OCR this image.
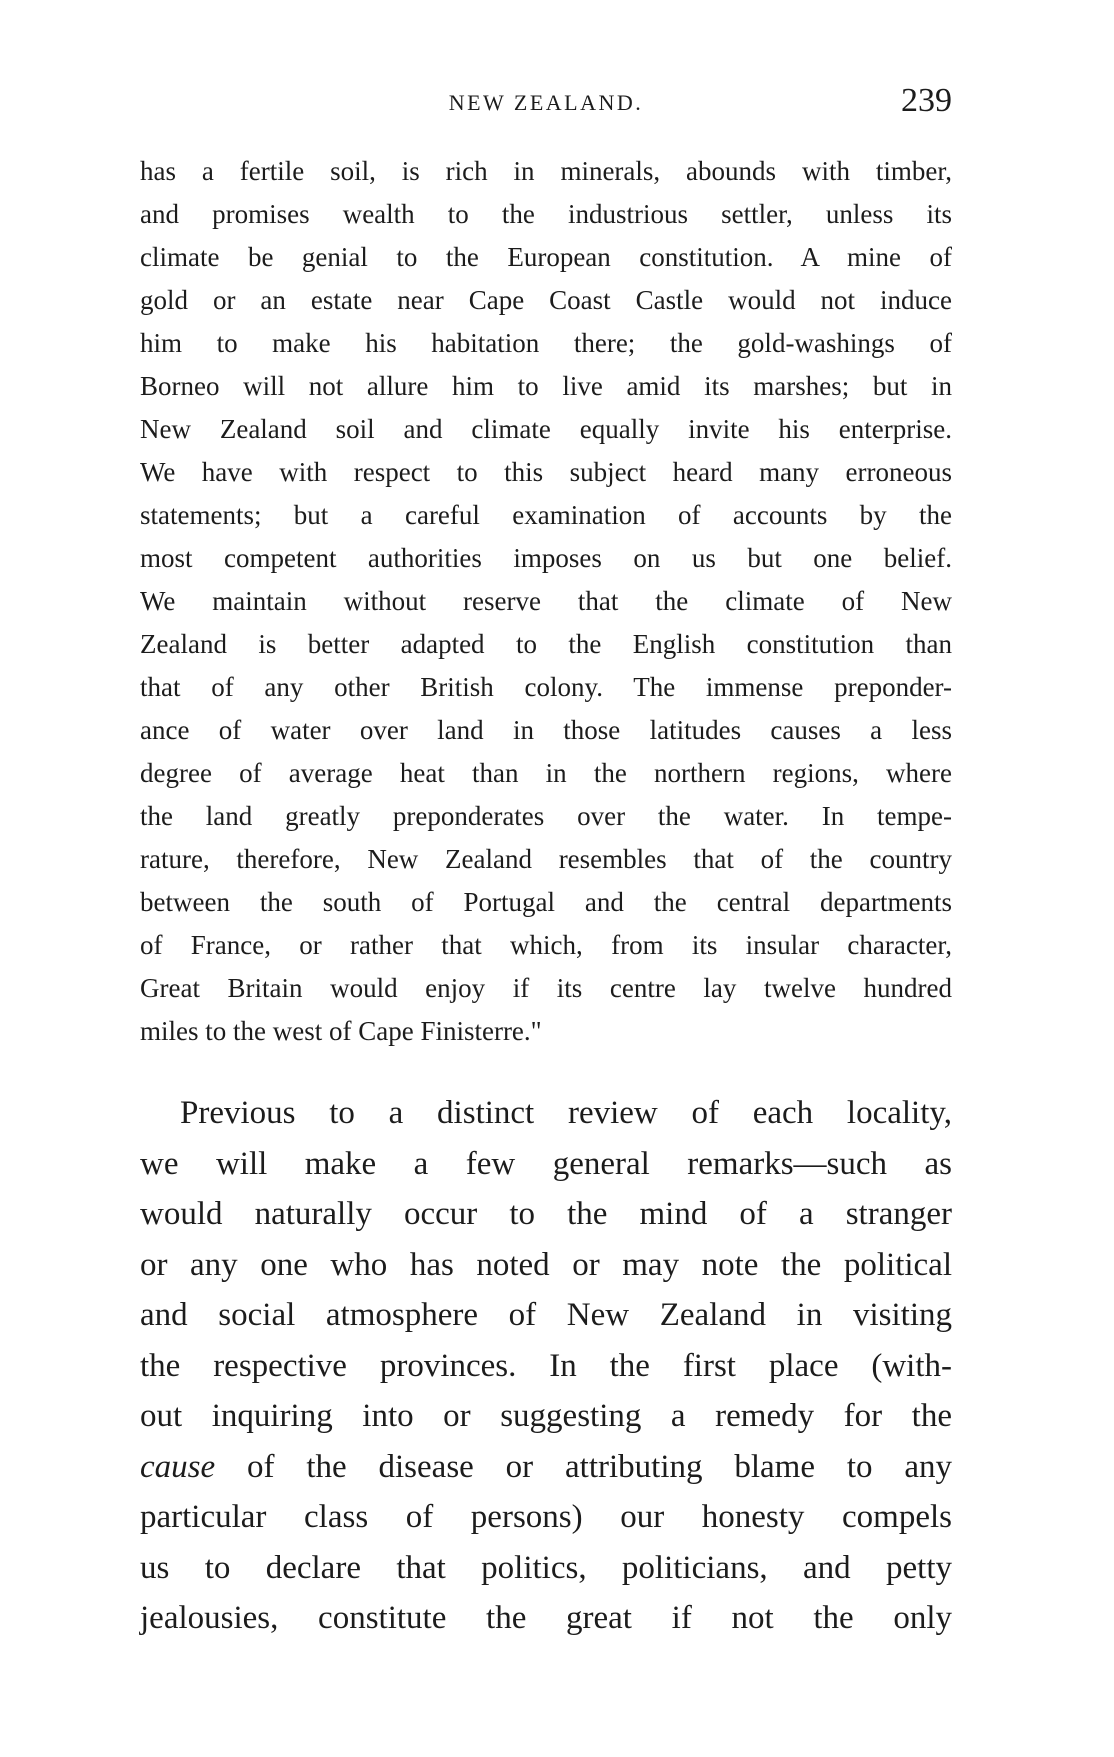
NEW ZEALAND.	239
has a fertile soil, is rich in minerals, abounds with timber,
and promises wealth to the industrious settler, unless its
climate be genial to the European constitution. A mine of
gold or an estate near Cape Coast Castle would not induce
him to make his habitation there; the gold-washings of
Borneo will not allure him to live amid its marshes; but in
New Zealand soil and climate equally invite his enterprise.
We have with respect to this subject heard many erroneous
statements; but a careful examination of accounts by the
most competent authorities imposes on us but one belief.
We maintain without reserve that the climate of New
Zealand is better adapted to the English constitution than
that of any other British colony. The immense preponder-
ance of water over land in those latitudes causes a less
degree of average heat than in the northern regions, where
the land greatly preponderates over the water. In tempe-
rature, therefore, New Zealand resembles that of the country
between the south of Portugal and the central departments
of France, or rather that which, from its insular character,
Great Britain would enjoy if its centre lay twelve hundred
miles to the west of Cape Finisterre."
Previous to a distinct review of each locality,
we will make a few general remarks—such as
would naturally occur to the mind of a stranger
or any one who has noted or may note the political
and social atmosphere of New Zealand in visiting
the respective provinces. In the first place (with-
out inquiring into or suggesting a remedy for the
cause of the disease or attributing blame to any
particular class of persons) our honesty compels
us to declare that politics, politicians, and petty
jealousies, constitute the great if not the only
